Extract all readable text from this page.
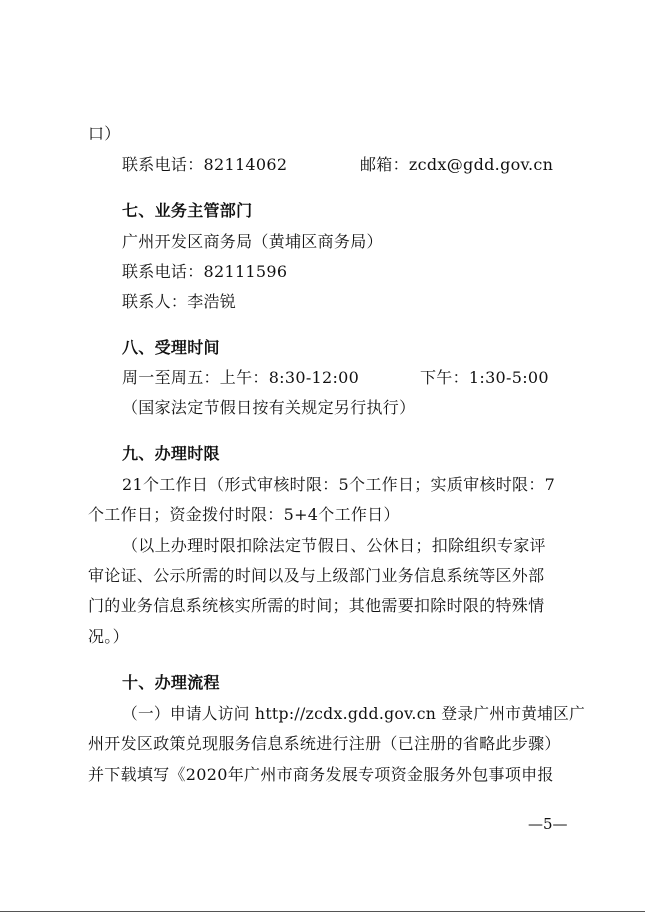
口）
联系电话：82114062	邮箱：zcdx@gdd.gov.cn
七、业务主管部门
广州开发区商务局（黄埔区商务局）
联系电话：82111596
联系人：李浩锐
八、受理时间
周一至周五：上午：8:30-12:00	下午：1:30-5:00
（国家法定节假日按有关规定另行执行）
九、办理时限
21个工作日（形式审核时限：5个工作日；实质审核时限：7
个工作日；资金拨付时限：5+4个工作日）
（以上办理时限扣除法定节假日、公休日；扣除组织专家评
审论证、公示所需的时间以及与上级部门业务信息系统等区外部
门的业务信息系统核实所需的时间；其他需要扣除时限的特殊情
况。）
十、办理流程
（一）申请人访问 http://zcdx.gdd.gov.cn 登录广州市黄埔区广
州开发区政策兑现服务信息系统进行注册（已注册的省略此步骤）
并下载填写《2020年广州市商务发展专项资金服务外包事项申报
—5—
